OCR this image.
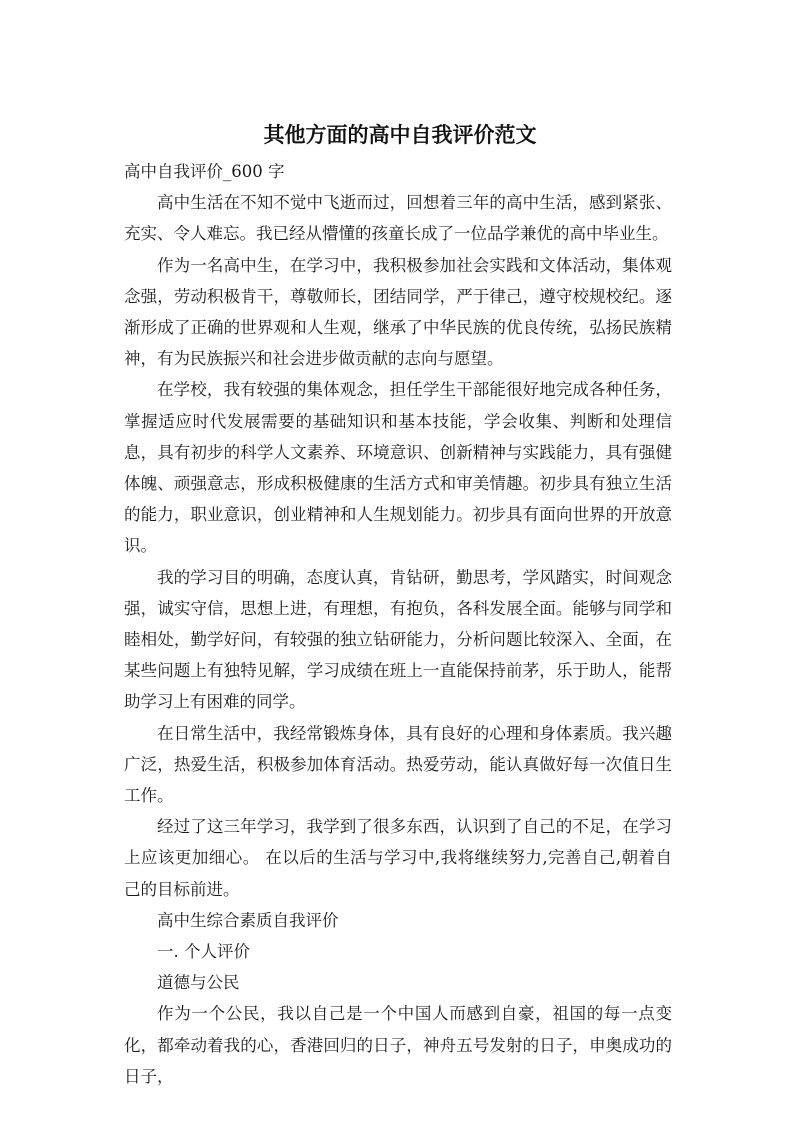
其他方面的高中自我评价范文

高中自我评价_600 字

高中生活在不知不觉中飞逝而过，回想着三年的高中生活，感到紧张、充实、令人难忘。我已经从懵懂的孩童长成了一位品学兼优的高中毕业生。

作为一名高中生，在学习中，我积极参加社会实践和文体活动，集体观念强，劳动积极肯干，尊敬师长，团结同学，严于律己，遵守校规校纪。逐渐形成了正确的世界观和人生观，继承了中华民族的优良传统，弘扬民族精神，有为民族振兴和社会进步做贡献的志向与愿望。

在学校，我有较强的集体观念，担任学生干部能很好地完成各种任务，掌握适应时代发展需要的基础知识和基本技能，学会收集、判断和处理信息，具有初步的科学人文素养、环境意识、创新精神与实践能力，具有强健体魄、顽强意志，形成积极健康的生活方式和审美情趣。初步具有独立生活的能力，职业意识，创业精神和人生规划能力。初步具有面向世界的开放意识。

我的学习目的明确，态度认真，肯钻研，勤思考，学风踏实，时间观念强，诚实守信，思想上进，有理想，有抱负，各科发展全面。能够与同学和睦相处，勤学好问，有较强的独立钻研能力，分析问题比较深入、全面，在某些问题上有独特见解，学习成绩在班上一直能保持前茅，乐于助人，能帮助学习上有困难的同学。

在日常生活中，我经常锻炼身体，具有良好的心理和身体素质。我兴趣广泛，热爱生活，积极参加体育活动。热爱劳动，能认真做好每一次值日生工作。

经过了这三年学习，我学到了很多东西，认识到了自己的不足，在学习上应该更加细心。 在以后的生活与学习中,我将继续努力,完善自己,朝着自己的目标前进。

高中生综合素质自我评价

一. 个人评价

道德与公民

作为一个公民，我以自己是一个中国人而感到自豪，祖国的每一点变化，都牵动着我的心，香港回归的日子，神舟五号发射的日子，申奥成功的日子，
